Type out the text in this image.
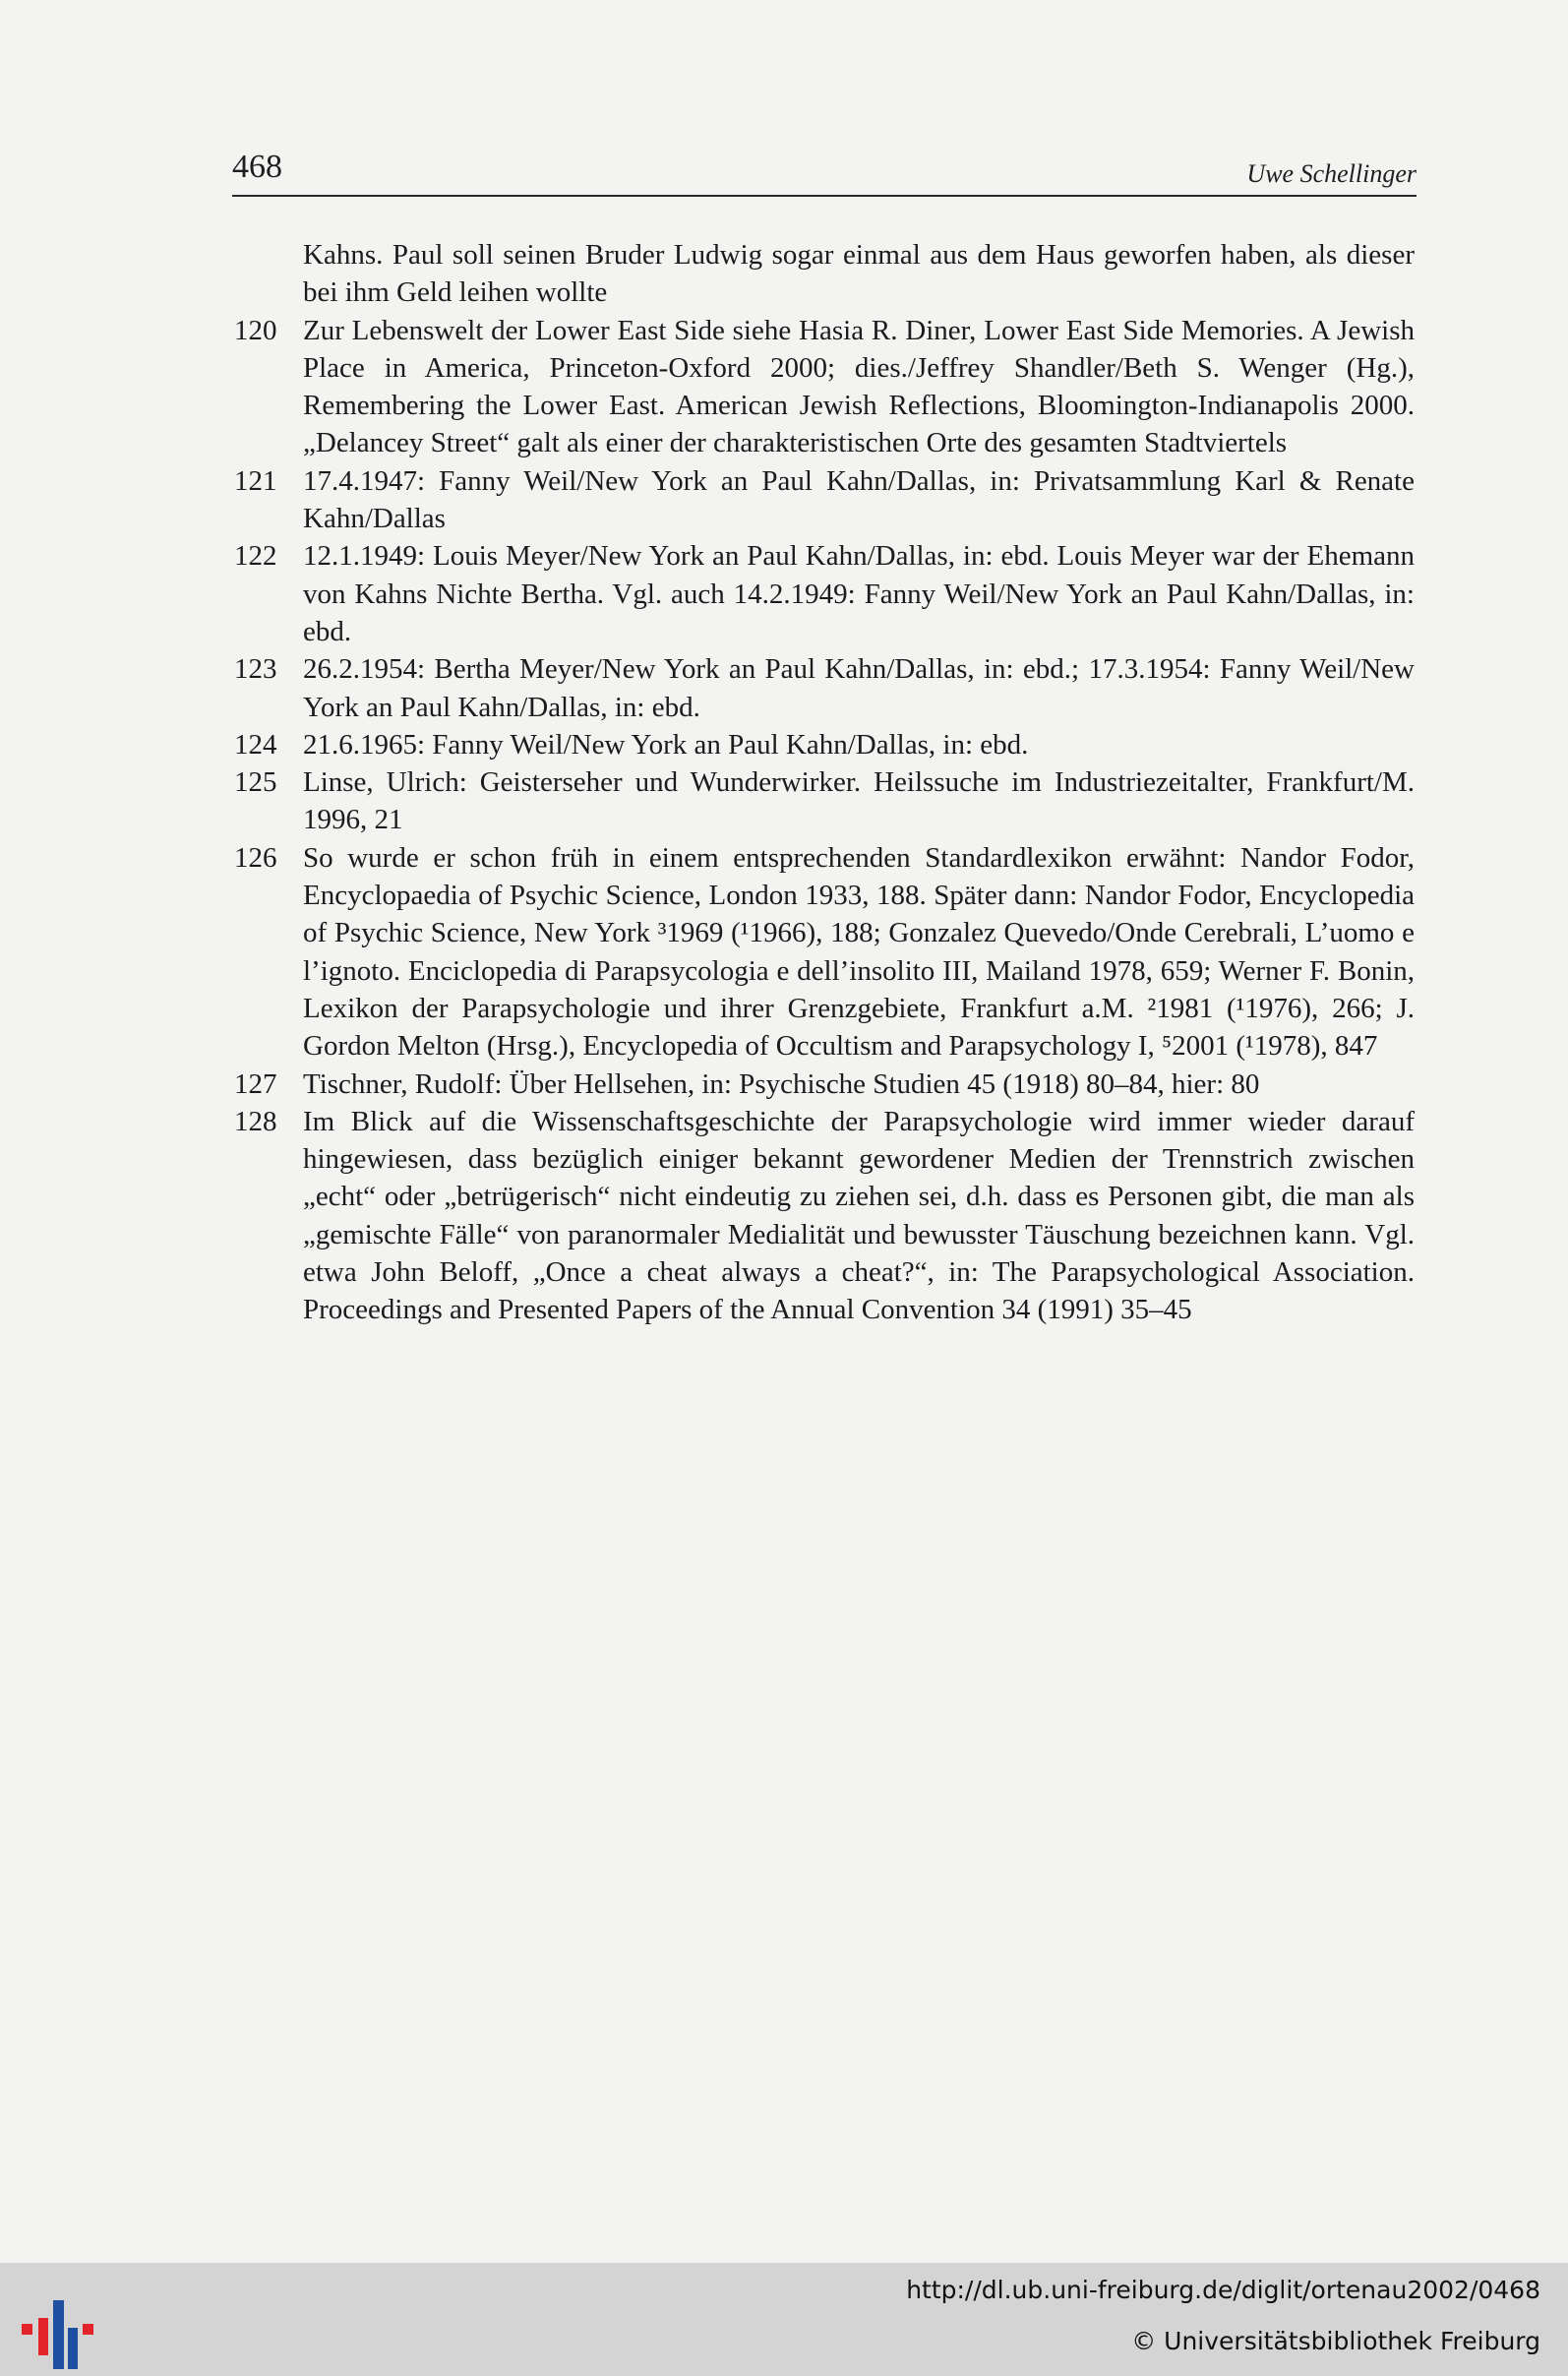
468	Uwe Schellinger
Kahns. Paul soll seinen Bruder Ludwig sogar einmal aus dem Haus geworfen haben, als dieser bei ihm Geld leihen wollte
120 Zur Lebenswelt der Lower East Side siehe Hasia R. Diner, Lower East Side Memories. A Jewish Place in America, Princeton-Oxford 2000; dies./Jeffrey Shandler/Beth S. Wenger (Hg.), Remembering the Lower East. American Jewish Reflections, Bloomington-Indianapolis 2000. „Delancey Street“ galt als einer der charakteristischen Orte des gesamten Stadtviertels
121 17.4.1947: Fanny Weil/New York an Paul Kahn/Dallas, in: Privatsammlung Karl & Renate Kahn/Dallas
122 12.1.1949: Louis Meyer/New York an Paul Kahn/Dallas, in: ebd. Louis Meyer war der Ehemann von Kahns Nichte Bertha. Vgl. auch 14.2.1949: Fanny Weil/New York an Paul Kahn/Dallas, in: ebd.
123 26.2.1954: Bertha Meyer/New York an Paul Kahn/Dallas, in: ebd.; 17.3.1954: Fanny Weil/New York an Paul Kahn/Dallas, in: ebd.
124 21.6.1965: Fanny Weil/New York an Paul Kahn/Dallas, in: ebd.
125 Linse, Ulrich: Geisterseher und Wunderwirker. Heilssuche im Industriezeitalter, Frankfurt/M. 1996, 21
126 So wurde er schon früh in einem entsprechenden Standardlexikon erwähnt: Nandor Fodor, Encyclopaedia of Psychic Science, London 1933, 188. Später dann: Nandor Fodor, Encyclopedia of Psychic Science, New York ³1969 (¹1966), 188; Gonzalez Quevedo/Onde Cerebrali, L’uomo e l’ignoto. Enciclopedia di Parapsycologia e dell’insolito III, Mailand 1978, 659; Werner F. Bonin, Lexikon der Parapsychologie und ihrer Grenzgebiete, Frankfurt a.M. ²1981 (¹1976), 266; J. Gordon Melton (Hrsg.), Encyclopedia of Occultism and Parapsychology I, ⁵2001 (¹1978), 847
127 Tischner, Rudolf: Über Hellsehen, in: Psychische Studien 45 (1918) 80–84, hier: 80
128 Im Blick auf die Wissenschaftsgeschichte der Parapsychologie wird immer wieder darauf hingewiesen, dass bezüglich einiger bekannt gewordener Medien der Trennstrich zwischen „echt“ oder „betrügerisch“ nicht eindeutig zu ziehen sei, d.h. dass es Personen gibt, die man als „gemischte Fälle“ von paranormaler Medialität und bewusster Täuschung bezeichnen kann. Vgl. etwa John Beloff, „Once a cheat always a cheat?“, in: The Parapsychological Association. Proceedings and Presented Papers of the Annual Convention 34 (1991) 35–45
http://dl.ub.uni-freiburg.de/diglit/ortenau2002/0468
© Universitätsbibliothek Freiburg
